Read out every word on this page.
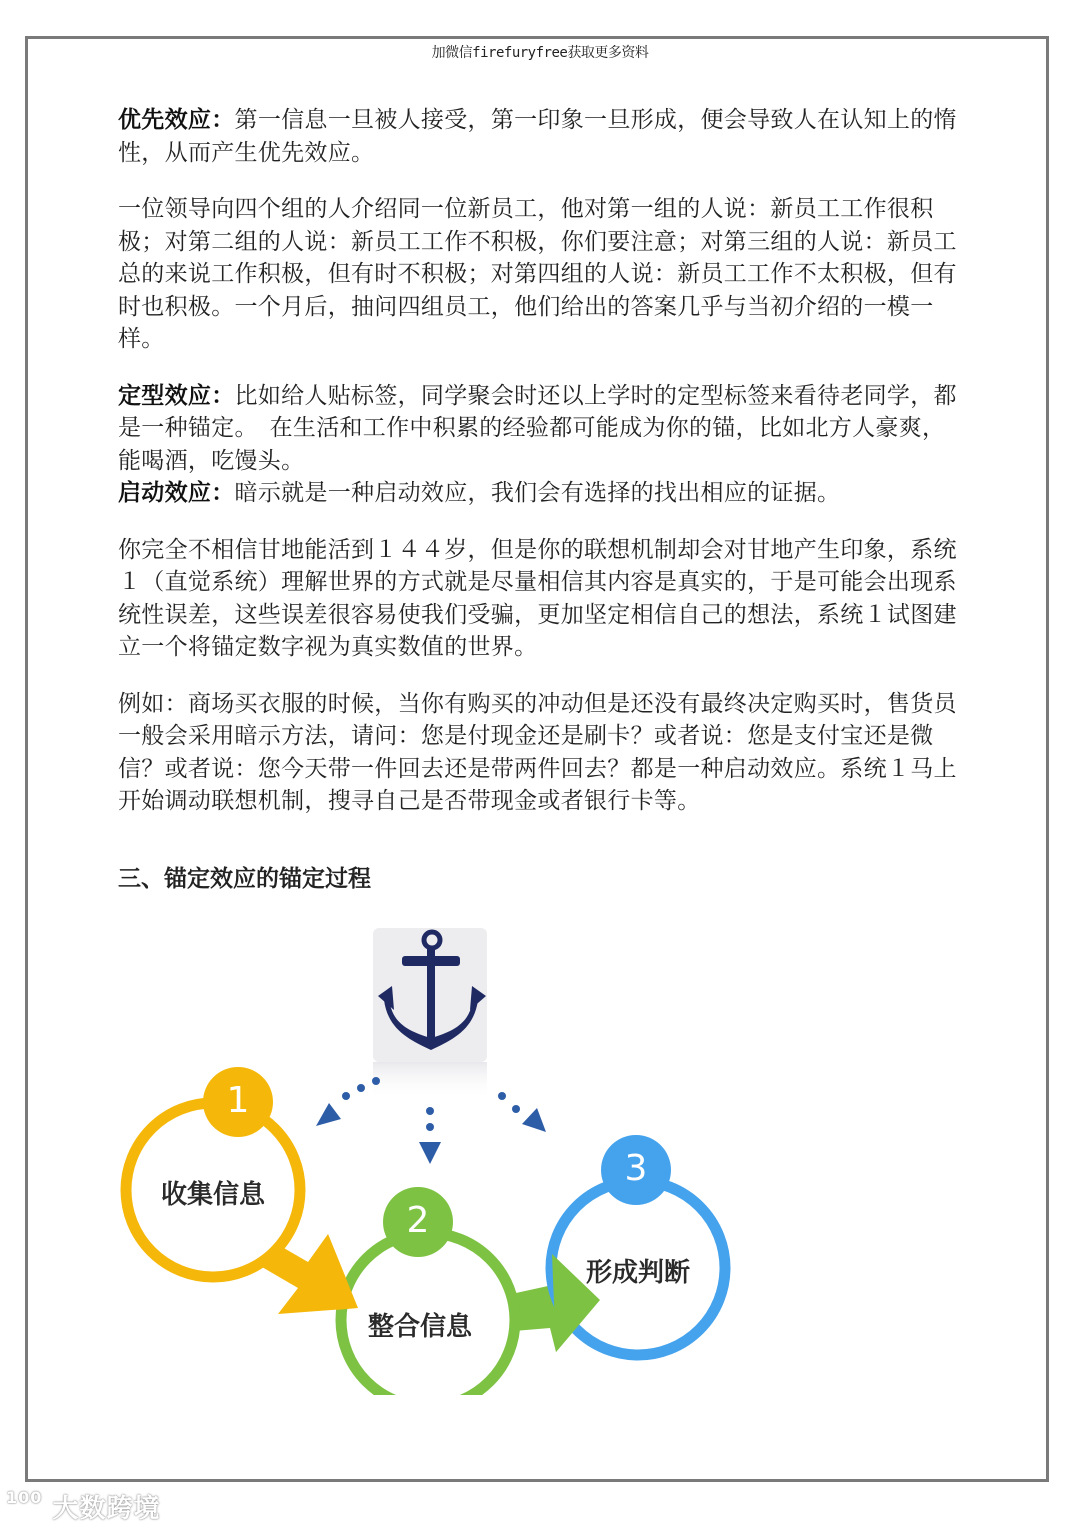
加微信firefuryfree获取更多资料

优先效应：第一信息一旦被人接受，第一印象一旦形成，便会导致人在认知上的惰性，从而产生优先效应。

一位领导向四个组的人介绍同一位新员工，他对第一组的人说：新员工工作很积极；对第二组的人说：新员工工作不积极，你们要注意；对第三组的人说：新员工总的来说工作积极，但有时不积极；对第四组的人说：新员工工作不太积极，但有时也积极。一个月后，抽问四组员工，他们给出的答案几乎与当初介绍的一模一样。

定型效应：比如给人贴标签，同学聚会时还以上学时的定型标签来看待老同学，都是一种锚定。　在生活和工作中积累的经验都可能成为你的锚，比如北方人豪爽，能喝酒，吃馒头。

启动效应：暗示就是一种启动效应，我们会有选择的找出相应的证据。

你完全不相信甘地能活到１４４岁，但是你的联想机制却会对甘地产生印象，系统１（直觉系统）理解世界的方式就是尽量相信其内容是真实的，于是可能会出现系统性误差，这些误差很容易使我们受骗，更加坚定相信自己的想法，系统１试图建立一个将锚定数字视为真实数值的世界。

例如：商场买衣服的时候，当你有购买的冲动但是还没有最终决定购买时，售货员一般会采用暗示方法，请问：您是付现金还是刷卡？或者说：您是支付宝还是微信？或者说：您今天带一件回去还是带两件回去？都是一种启动效应。系统１马上开始调动联想机制，搜寻自己是否带现金或者银行卡等。

三、锚定效应的锚定过程
1
收集信息
2
整合信息
3
形成判断
$^{100}$ 大数跨境
